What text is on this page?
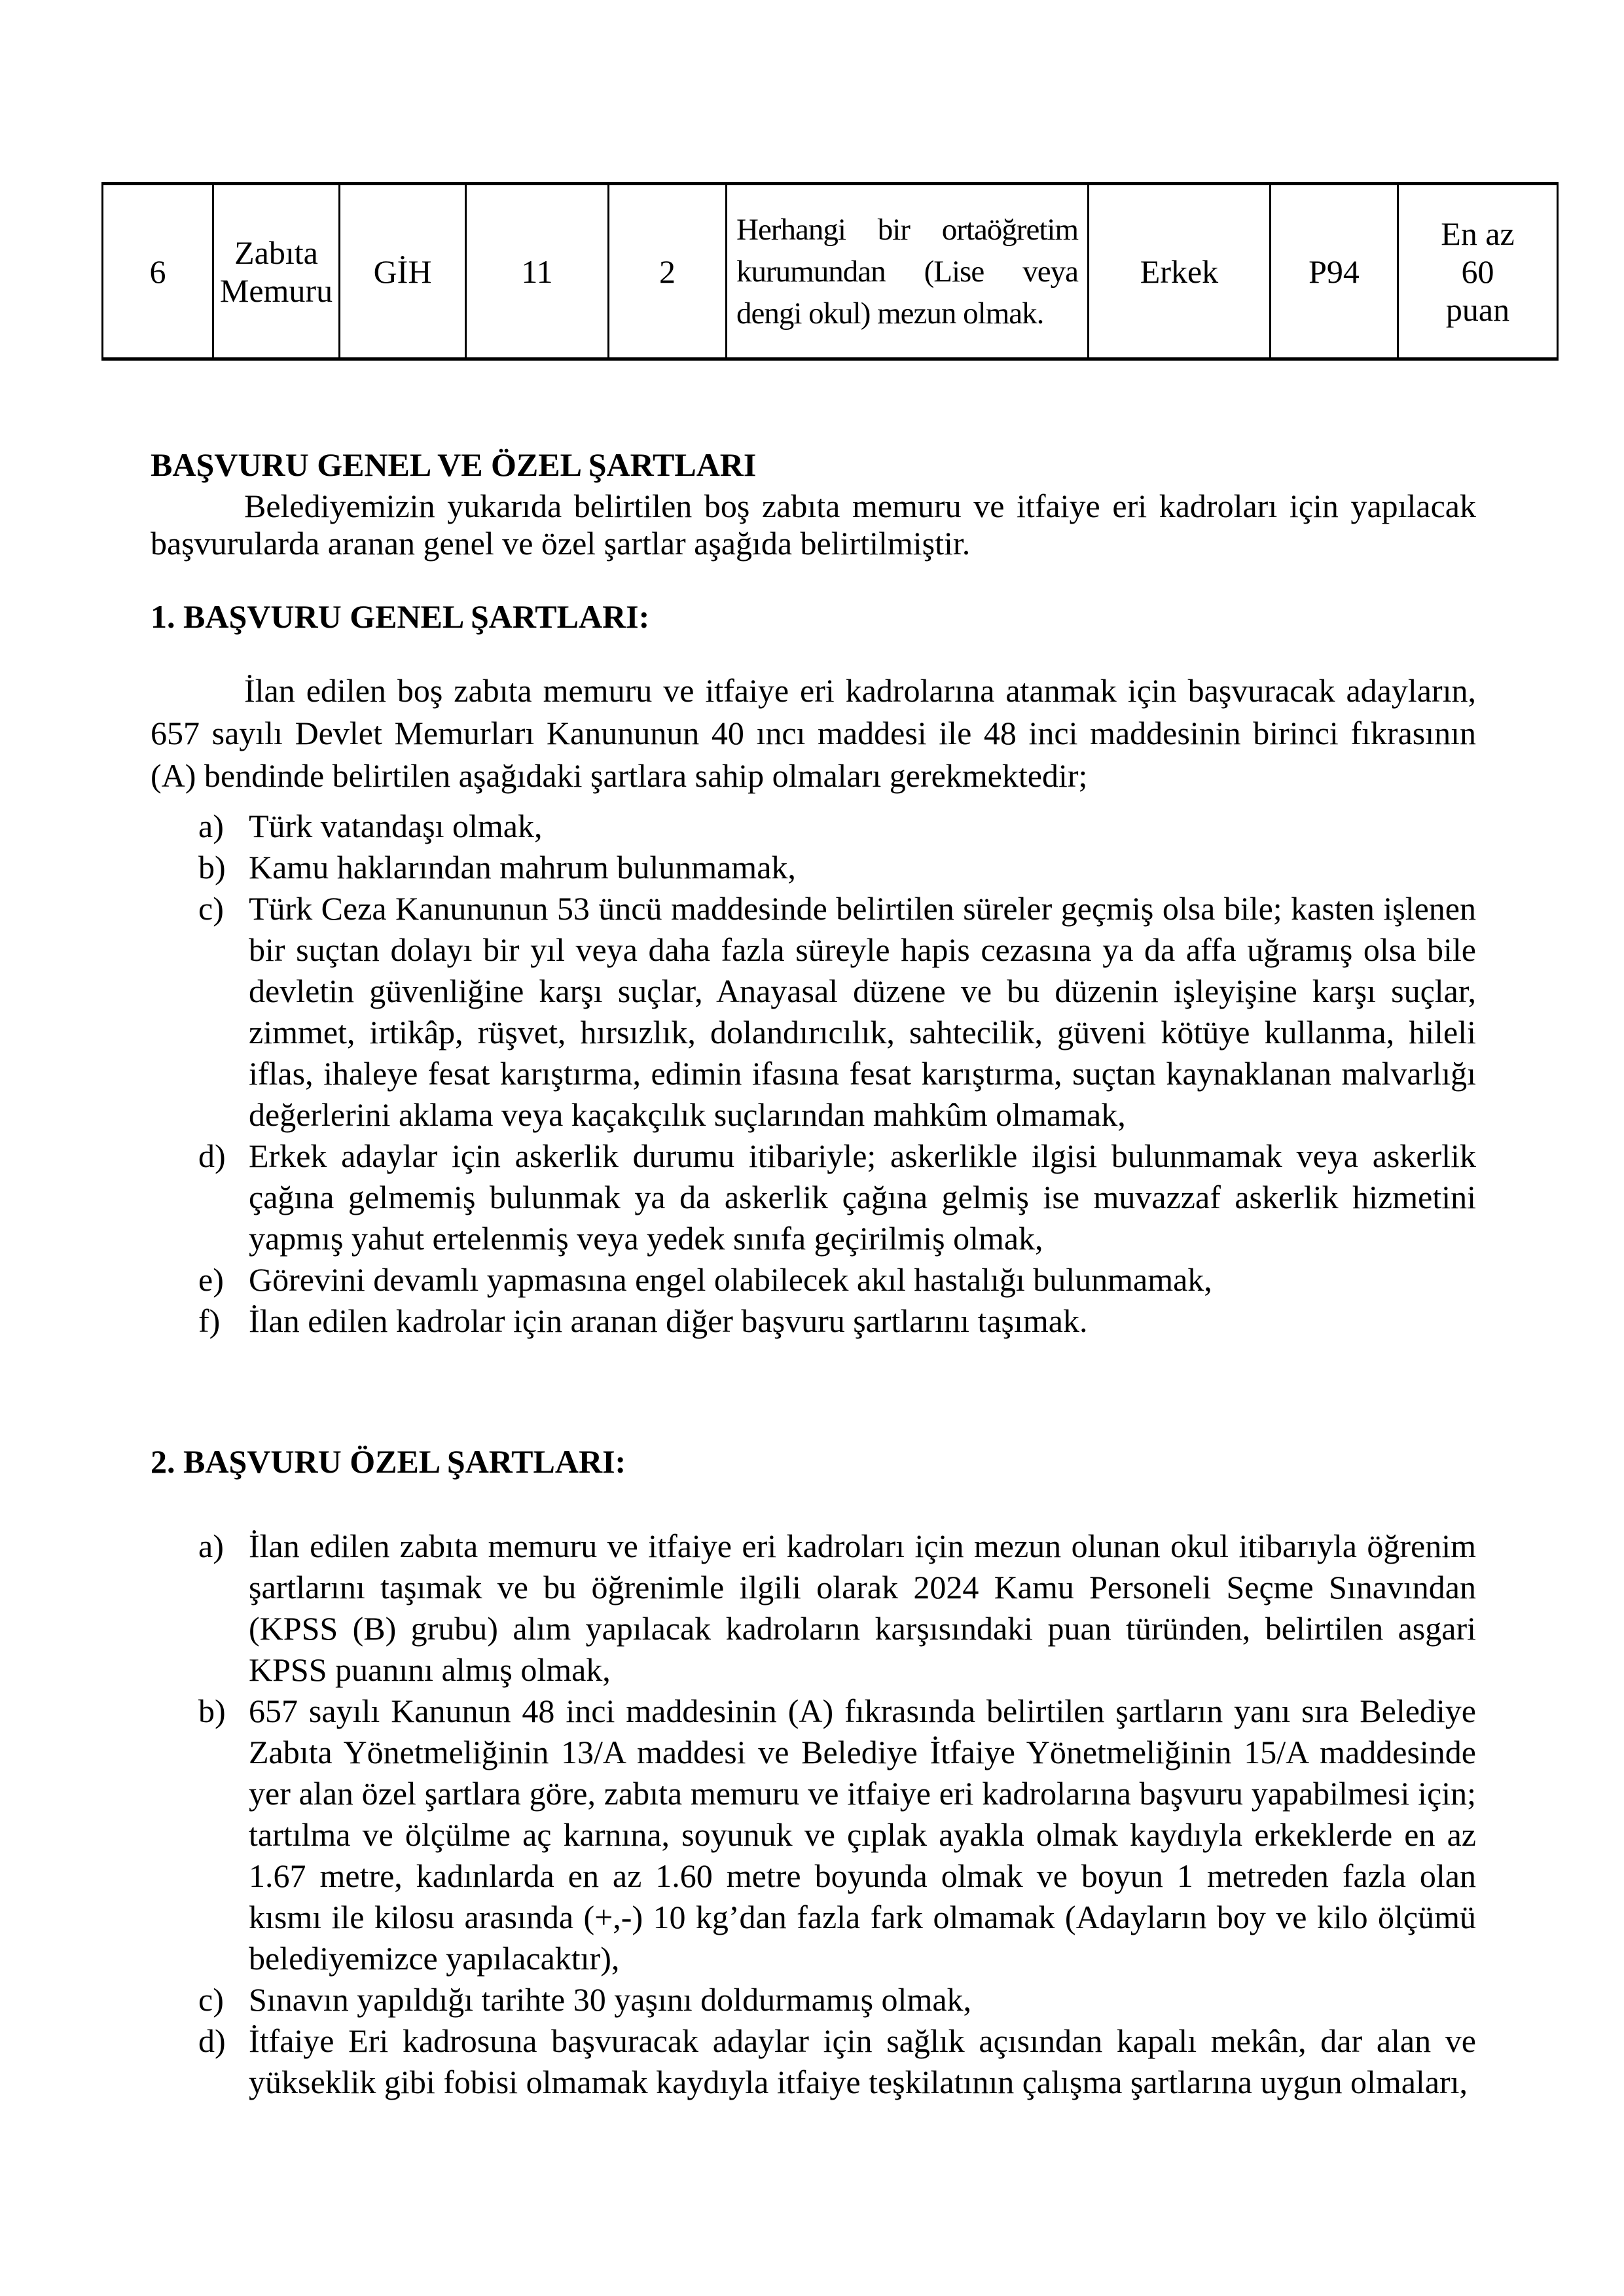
6	Zabıta Memuru	GİH	11	2	Herhangi bir ortaöğretim kurumundan (Lise veya dengi okul) mezun olmak.	Erkek	P94	En az 60 puan
BAŞVURU GENEL VE ÖZEL ŞARTLARI
Belediyemizin yukarıda belirtilen boş zabıta memuru ve itfaiye eri kadroları için yapılacak başvurularda aranan genel ve özel şartlar aşağıda belirtilmiştir.
1. BAŞVURU GENEL ŞARTLARI:
İlan edilen boş zabıta memuru ve itfaiye eri kadrolarına atanmak için başvuracak adayların, 657 sayılı Devlet Memurları Kanununun 40 ıncı maddesi ile 48 inci maddesinin birinci fıkrasının (A) bendinde belirtilen aşağıdaki şartlara sahip olmaları gerekmektedir;
a) Türk vatandaşı olmak,
b) Kamu haklarından mahrum bulunmamak,
c) Türk Ceza Kanununun 53 üncü maddesinde belirtilen süreler geçmiş olsa bile; kasten işlenen bir suçtan dolayı bir yıl veya daha fazla süreyle hapis cezasına ya da affa uğramış olsa bile devletin güvenliğine karşı suçlar, Anayasal düzene ve bu düzenin işleyişine karşı suçlar, zimmet, irtikâp, rüşvet, hırsızlık, dolandırıcılık, sahtecilik, güveni kötüye kullanma, hileli iflas, ihaleye fesat karıştırma, edimin ifasına fesat karıştırma, suçtan kaynaklanan malvarlığı değerlerini aklama veya kaçakçılık suçlarından mahkûm olmamak,
d) Erkek adaylar için askerlik durumu itibariyle; askerlikle ilgisi bulunmamak veya askerlik çağına gelmemiş bulunmak ya da askerlik çağına gelmiş ise muvazzaf askerlik hizmetini yapmış yahut ertelenmiş veya yedek sınıfa geçirilmiş olmak,
e) Görevini devamlı yapmasına engel olabilecek akıl hastalığı bulunmamak,
f) İlan edilen kadrolar için aranan diğer başvuru şartlarını taşımak.
2. BAŞVURU ÖZEL ŞARTLARI:
a) İlan edilen zabıta memuru ve itfaiye eri kadroları için mezun olunan okul itibarıyla öğrenim şartlarını taşımak ve bu öğrenimle ilgili olarak 2024 Kamu Personeli Seçme Sınavından (KPSS (B) grubu) alım yapılacak kadroların karşısındaki puan türünden, belirtilen asgari KPSS puanını almış olmak,
b) 657 sayılı Kanunun 48 inci maddesinin (A) fıkrasında belirtilen şartların yanı sıra Belediye Zabıta Yönetmeliğinin 13/A maddesi ve Belediye İtfaiye Yönetmeliğinin 15/A maddesinde yer alan özel şartlara göre, zabıta memuru ve itfaiye eri kadrolarına başvuru yapabilmesi için; tartılma ve ölçülme aç karnına, soyunuk ve çıplak ayakla olmak kaydıyla erkeklerde en az 1.67 metre, kadınlarda en az 1.60 metre boyunda olmak ve boyun 1 metreden fazla olan kısmı ile kilosu arasında (+,-) 10 kg’dan fazla fark olmamak (Adayların boy ve kilo ölçümü belediyemizce yapılacaktır),
c) Sınavın yapıldığı tarihte 30 yaşını doldurmamış olmak,
d) İtfaiye Eri kadrosuna başvuracak adaylar için sağlık açısından kapalı mekân, dar alan ve yükseklik gibi fobisi olmamak kaydıyla itfaiye teşkilatının çalışma şartlarına uygun olmaları,
